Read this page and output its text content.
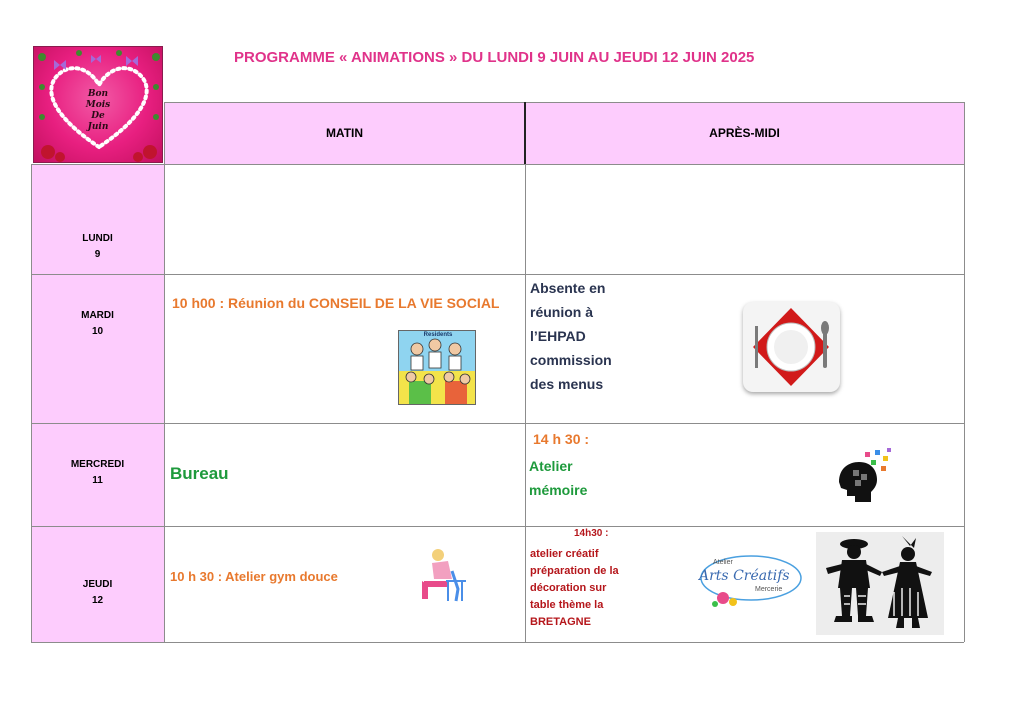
PROGRAMME « ANIMATIONS » DU LUNDI 9 JUIN AU JEUDI 12 JUIN 2025
Bon
Mois
De
Juin	MATIN	APRÈS-MIDI
LUNDI
9
MARDI
10
MERCREDI
11
JEUDI
12
10 h00 : Réunion du CONSEIL DE LA VIE SOCIAL
Residents
Absente en
réunion à
l’EHPAD
commission
des menus
Bureau
14 h 30 :
Atelier
mémoire
10 h 30 : Atelier gym douce
14h30 :
atelier créatif
préparation de la
décoration sur
table thème la
BRETAGNE
Atelier
Arts Créatifs
Mercerie
